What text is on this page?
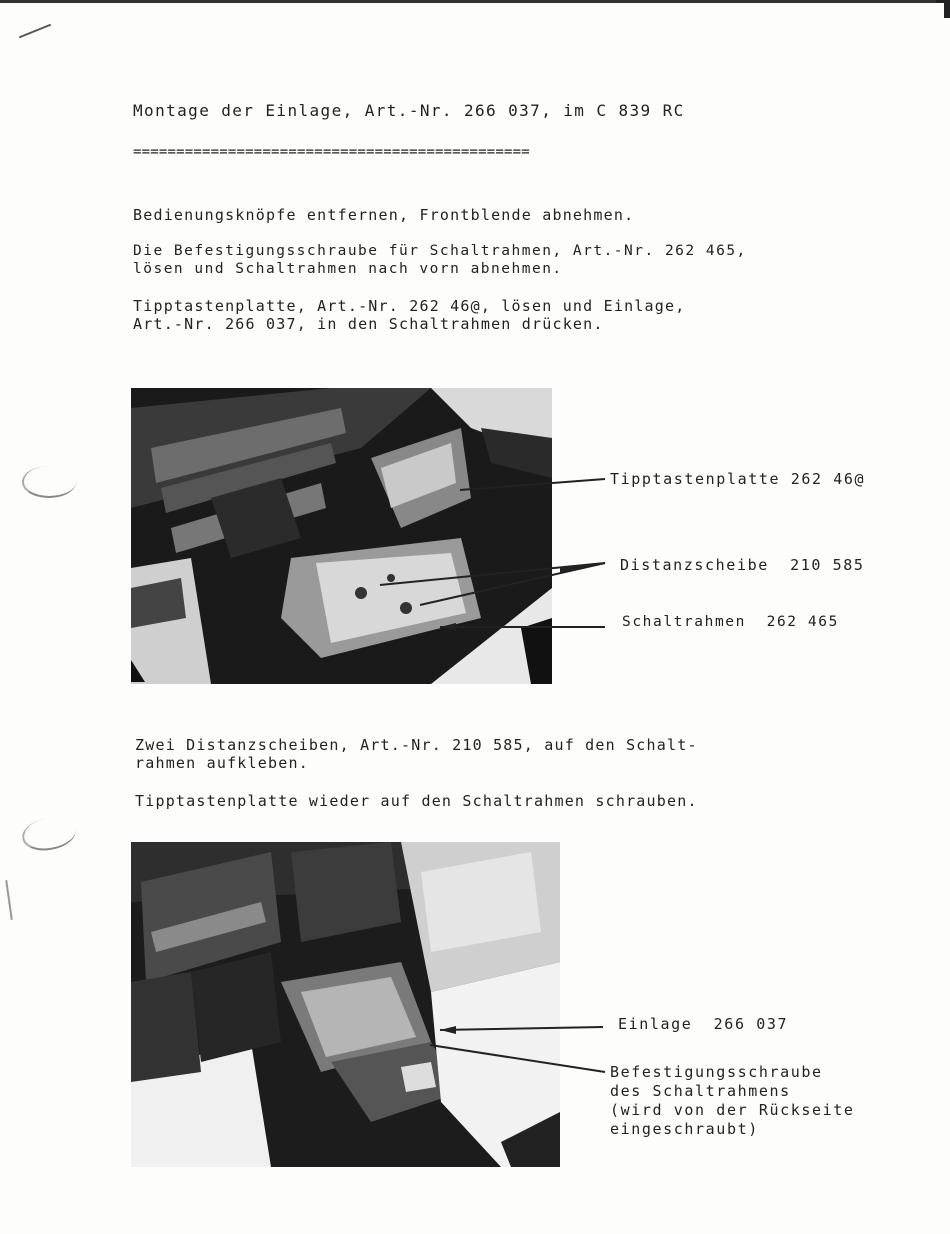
Montage der Einlage, Art.-Nr. 266 037, im C 839 RC
==============================================
Bedienungsknöpfe entfernen, Frontblende abnehmen.
Die Befestigungsschraube für Schaltrahmen, Art.-Nr. 262 465,
lösen und Schaltrahmen nach vorn abnehmen.
Tipptastenplatte, Art.-Nr. 262 46@, lösen und Einlage,
Art.-Nr. 266 037, in den Schaltrahmen drücken.
Tipptastenplatte 262 46@
Distanzscheibe  210 585
Schaltrahmen  262 465
Zwei Distanzscheiben, Art.-Nr. 210 585, auf den Schalt-
rahmen aufkleben.
Tipptastenplatte wieder auf den Schaltrahmen schrauben.
Einlage  266 037
Befestigungsschraube
des Schaltrahmens
(wird von der Rückseite
eingeschraubt)
